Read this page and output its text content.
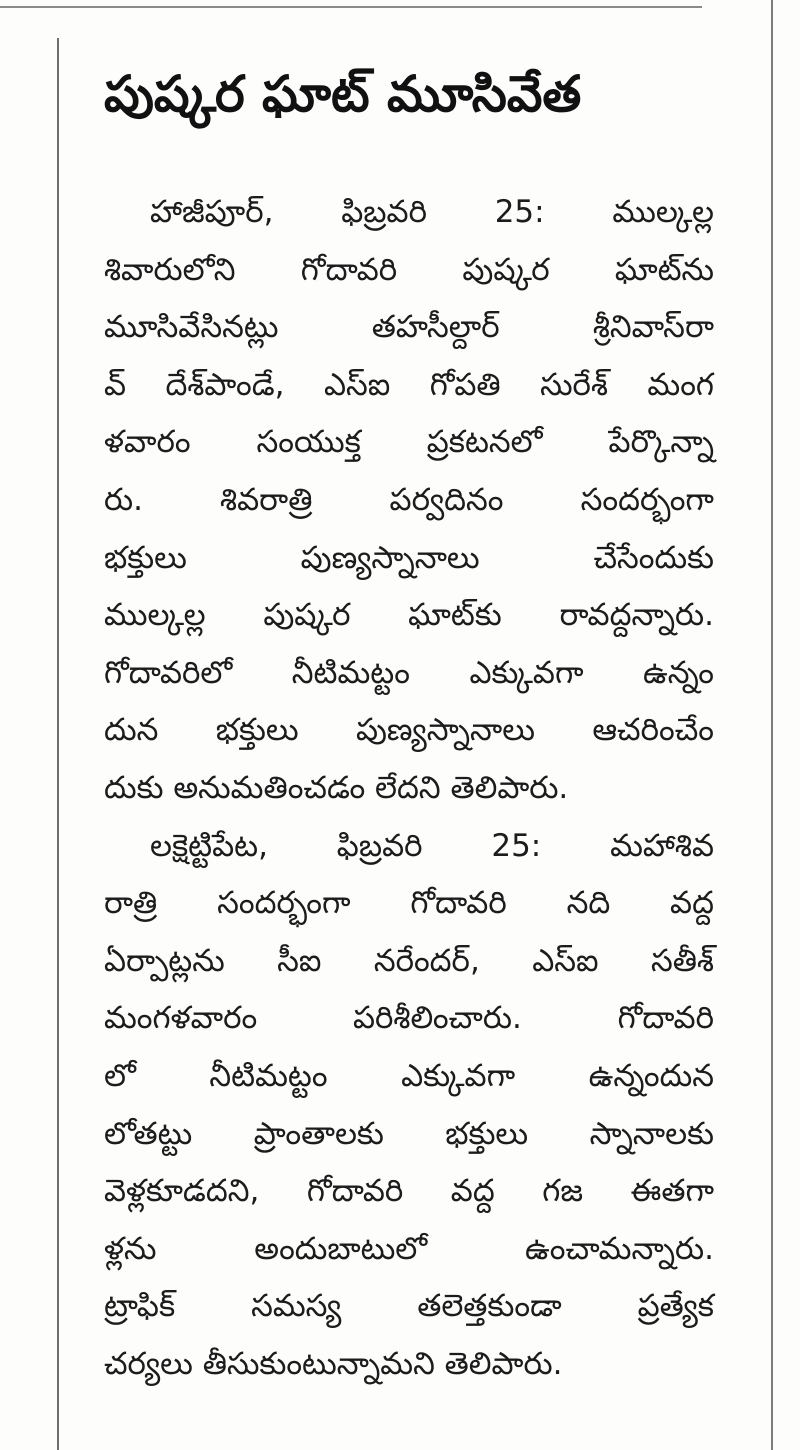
పుష్కర ఘాట్ మూసివేత
హాజీపూర్, ఫిబ్రవరి 25: ముల్కల్ల
శివారులోని గోదావరి పుష్కర ఘాట్‌ను
మూసివేసినట్లు తహసీల్దార్ శ్రీనివాస్‌రా
వ్ దేశ్‌పాండే, ఎస్‌ఐ గోపతి సురేశ్ మంగ
ళవారం సంయుక్త ప్రకటనలో పేర్కొన్నా
రు. శివరాత్రి పర్వదినం సందర్భంగా
భక్తులు పుణ్యస్నానాలు చేసేందుకు
ముల్కల్ల పుష్కర ఘాట్‌కు రావద్దన్నారు.
గోదావరిలో నీటిమట్టం ఎక్కువగా ఉన్నం
దున భక్తులు పుణ్యస్నానాలు ఆచరించేం
దుకు అనుమతించడం లేదని తెలిపారు.
లక్షెట్టిపేట, ఫిబ్రవరి 25: మహాశివ
రాత్రి సందర్భంగా గోదావరి నది వద్ద
ఏర్పాట్లను సీఐ నరేందర్, ఎస్‌ఐ సతీశ్
మంగళవారం పరిశీలించారు. గోదావరి
లో నీటిమట్టం ఎక్కువగా ఉన్నందున
లోతట్టు ప్రాంతాలకు భక్తులు స్నానాలకు
వెళ్లకూడదని, గోదావరి వద్ద గజ ఈతగా
ళ్లను అందుబాటులో ఉంచామన్నారు.
ట్రాఫిక్ సమస్య తలెత్తకుండా ప్రత్యేక
చర్యలు తీసుకుంటున్నామని తెలిపారు.
